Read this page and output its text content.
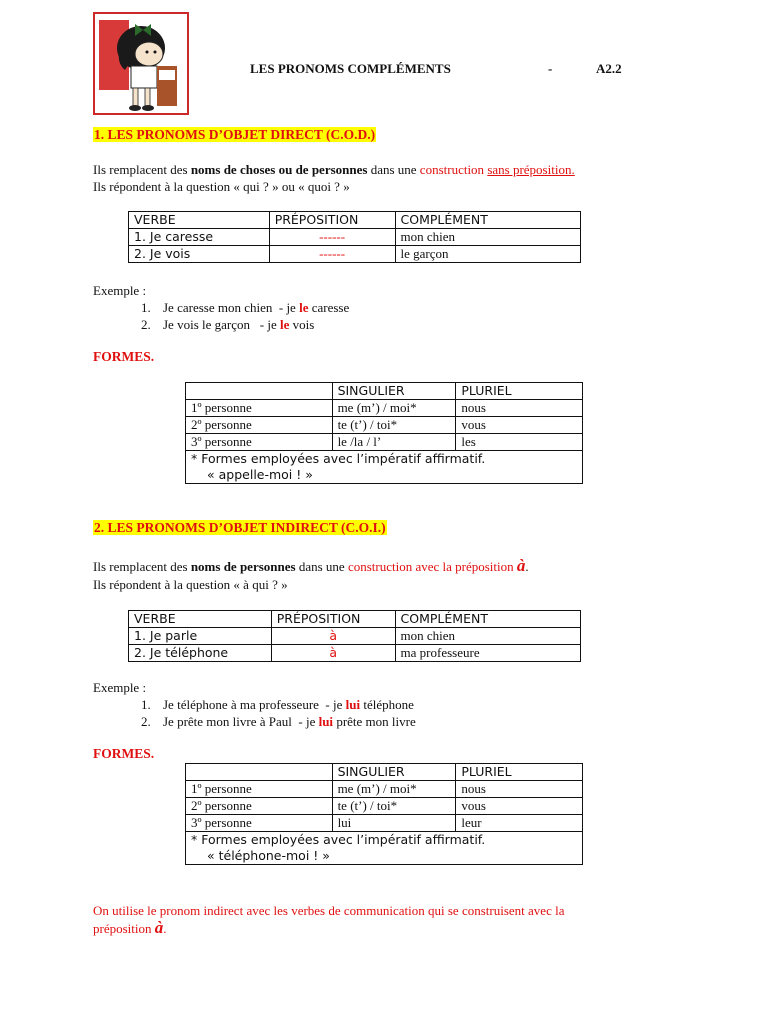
LES PRONOMS COMPLÉMENTS	-	A2.2
1. LES PRONOMS D’OBJET DIRECT (C.O.D.)
Ils remplacent des noms de choses ou de personnes dans une construction sans préposition.
Ils répondent à la question « qui ? » ou « quoi ? »
VERBE	PRÉPOSITION	COMPLÉMENT
1. Je caresse	------	mon chien
2. Je vois	------	le garçon
Exemple :
1. Je caresse mon chien  - je le caresse
2. Je vois le garçon   - je le vois
FORMES.
	SINGULIER	PLURIEL
1º personne	me (m’) / moi*	nous
2º personne	te (t’) / toi*	vous
3º personne	le /la / l’	les

* Formes employées avec l’impératif affirmatif.
« appelle-moi ! »		
2. LES PRONOMS D’OBJET INDIRECT (C.O.I.)
Ils remplacent des noms de personnes dans une construction avec la préposition à.
Ils répondent à la question « à qui ? »
VERBE	PRÉPOSITION	COMPLÉMENT
1. Je parle	à	mon chien
2. Je téléphone	à	ma professeure
Exemple :
1. Je téléphone à ma professeure  - je lui téléphone
2. Je prête mon livre à Paul  - je lui prête mon livre
FORMES.
	SINGULIER	PLURIEL
1º personne	me (m’) / moi*	nous
2º personne	te (t’) / toi*	vous
3º personne	lui	leur

* Formes employées avec l’impératif affirmatif.
« téléphone-moi ! »		
On utilise le pronom indirect avec les verbes de communication qui se construisent avec la
préposition à.
